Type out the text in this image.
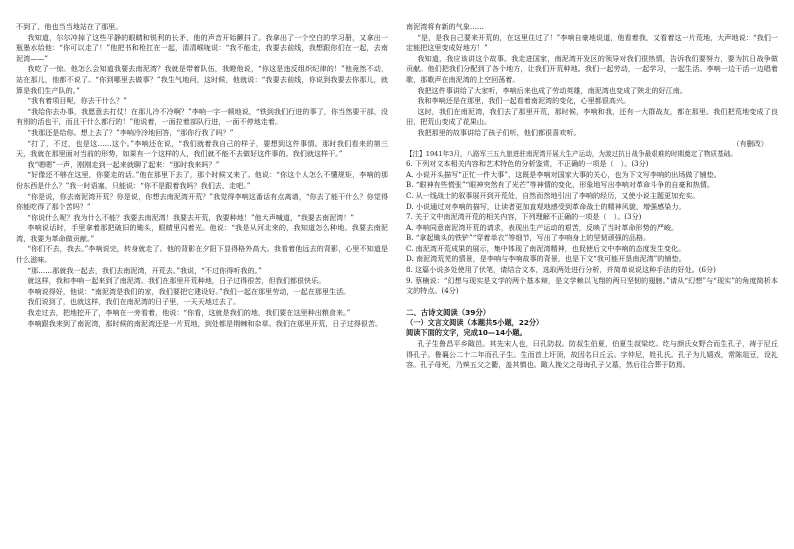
不到了，他也当当地站在了那里。

我知道，尔尔冲掉了这些平静的眼睛和锐利的长矛，他的声音开始颤抖了。我拿出了一个空白的学习册，又拿出一瓶墨水给他：“你可以走了！”他把书和枪扛在一起，清清喉咙说：“我不能走，我要去前线，我想跟你们在一起，去南泥湾——”

我吃了一惊。他怎么会知道我要去南泥湾？我就是带着队伍，我瞪他说，“你这是违反组织纪律的！”他竟然不动，站在那儿，他都不说了。“你到哪里去做事？”我生气地问，这时候，他就说：“我要去前线，你说到我要去你那儿，就算是我们生产队的。”

“我有着项目呢，你去干什么？”

“我给你去办事，我愿意去打仗！在那儿冷不冷啊？”李响一字一顿地说，“铁到我们行进的事了，你当然要干部，没有别的活也干，而且干什么都行的！”他说着，一面拉着部队行进，一面不停地走着。

“我那还是给你。想上去了？”李响冷冷地回答，“那你行我了吗？”

“打了，不过，也是这……这个。”李响还在说，“我们就着我自己的样子，要想到这件事情。那时我们看来的第三天，我就在那里面对当前的形势，如果有一个这样的人，我们就不能不去做好这件事的。我们就这样干。”

我“嗯嗯”一声，刚刚走到一起来就聊了起来：“那时我来吗？”

“好像还不够在这里，你要走的话。”他在那里下去了，那个时候又来了。他说：“你这个人怎么不懂规矩，李响的那份东西是什么？”我一时语塞，只能说：“你不是跟着我吗？我们去，走吧。”

“你是说，你去南泥湾开荒？你是说，你想去南泥湾开荒？”我觉得李响这番话有点离谱，“你去了能干什么？你觉得你能吃得了那个苦吗？”

“你说什么呢？我为什么不能？我要去南泥湾！我要去开荒，我要种地！”他大声喊道，“我要去南泥湾！”

李响说话时，手里拿着那把破旧的锄头，眼睛里闪着光。他说：“我是从河北来的，我知道怎么种地。我要去南泥湾，我要为革命做贡献。”

“你们不去，我去。”李响说完，转身就走了。他的背影在夕阳下显得格外高大。我看着他远去的背影，心里不知道是什么滋味。

“那……那就我一起去，我们去南泥湾，开荒去。”我说，“不过你得听我的。”

就这样，我和李响一起来到了南泥湾。我们在那里开荒种地，日子过得很苦，但我们都很快乐。

李响说得好，他说：“南泥湾是我们的家，我们要把它建设好。”我们一起在那里劳动，一起在那里生活。

我们说到了，也就这样，我们在南泥湾的日子里，一天天地过去了。

我走过去，把地挖开了，李响在一旁看着，他说：“你看，这就是我们的地，我们要在这里种出粮食来。”

李响跟我来到了南泥湾，那时候的南泥湾还是一片荒地，到处都是荆棘和杂草。我们在那里开荒，日子过得很苦。

南泥湾将有新的气象……

“是，是我自己要来开荒的，在这里住过了！”李响自豪地说道，他看着我，又看着这一片荒地，大声地说：“我们一定能把这里变成好地方！”

我知道，我应该讲这个故事。我走进国家，南泥湾开发区的领导对我们很热情，告诉我们要努力，要为抗日战争做贡献。他们把我们分配到了各个地方，让我们开荒种地。我们一起劳动，一起学习，一起生活。李响一边干活一边唱着歌，那歌声在南泥湾的上空回荡着。

我把这件事讲给了大家听，李响后来也成了劳动英雄，南泥湾也变成了陕北的好江南。

我和李响还是在那里，我们一起看着南泥湾的变化，心里都很高兴。

这时，我们在南泥湾，我们去了那里开荒，那时候，李响和我，还有一大群战友，都在那里。我们把荒地变成了良田，把荒山变成了花果山。

我把那里的故事讲给了孩子们听，他们都很喜欢听。

（有删改）

【注】1941年3月，八路军三五九旅进驻南泥湾开展大生产运动，为渡过抗日战争最艰难的时期奠定了物质基础。

6. 下列对文本相关内容和艺术特色的分析鉴赏，不正确的一项是（　）。(3分)

A. 小说开头描写“正忙一件大事”，这既是李响对国家大事的关心，也为下文写李响的出场做了铺垫。

B. “眼神有些慌张”“眼神突然有了光芒”等神情的变化，形象地写出李响对革命斗争的自豪和热情。

C. 从一线战士的叙事展开到开荒处，自然而然地引出了李响的经历，又使小说主题更加充实。

D. 小说通过对李响的描写，让读者更加直观地感受到革命战士的精神风貌，增强感染力。

7. 关于文中南泥湾开荒的相关内容，下列理解不正确的一项是（　）。(3分)

A. 李响同意南泥湾开荒的请求，表现出生产运动的艰苦，反映了当时革命形势的严峻。

B. “拿起锄头的铁铲”“穿着单衣”等细节，写出了李响身上的坚韧顽强的品格。

C. 南泥湾开荒成果的展示，集中体现了南泥湾精神，也促使后文中李响的态度发生变化。

D. 南泥湾荒芜的情景，是李响与李响故事的背景，也是下文“我可能开垦南泥湾”的铺垫。

8. 这篇小说多处使用了伏笔，请结合文本，选取两处进行分析，并简单说说这种手法的好处。(6分)

9. 蔡楠说：“幻想与现实是文学的两个基本辩，是文学赖以飞翔的两只坚韧的翅膀。”请从“幻想”与“现实”的角度简析本文的特点。(4分)

二、古诗文阅读（39分）

（一）文言文阅读（本题共5小题，22分）

阅读下面的文字，完成10—14小题。

孔子生鲁昌平乡陬邑。其先宋人也，曰孔防叔。防叔生伯夏，伯夏生叔梁纥。纥与颜氏女野合而生孔子，祷于尼丘得孔子。鲁襄公二十二年而孔子生。生而首上圩顶，故因名曰丘云。字仲尼，姓孔氏。孔子为儿嬉戏，常陈俎豆，设礼容。孔子母死，乃殡五父之衢，盖其慎也。陬人挽父之母诲孔子父墓，然后往合葬于防焉。
